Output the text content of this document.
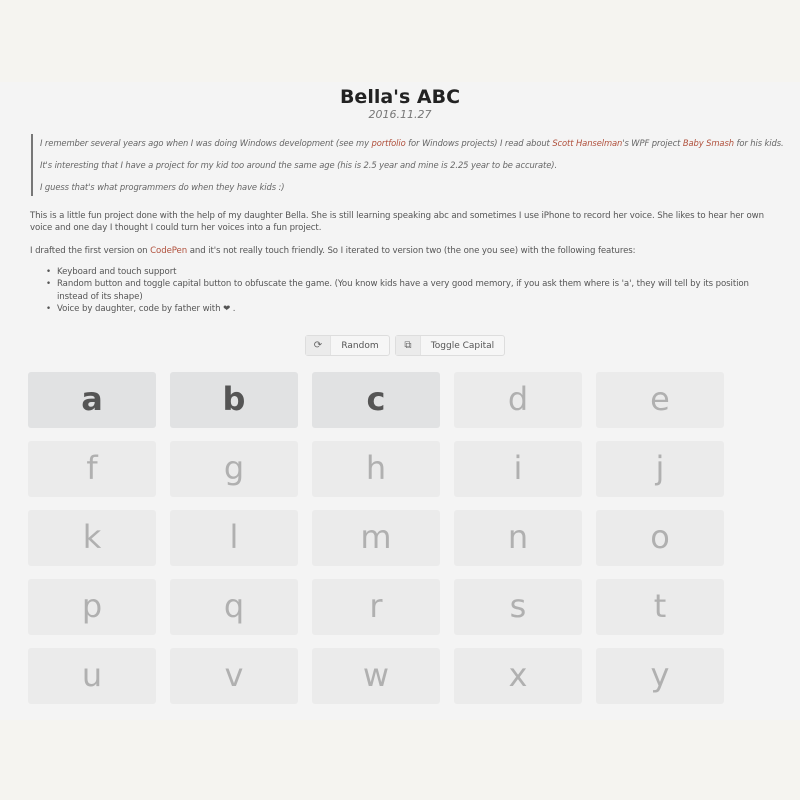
Bella's ABC
2016.11.27

I remember several years ago when I was doing Windows development (see my portfolio for Windows projects) I read about Scott Hanselman's WPF project Baby Smash for his kids.

It's interesting that I have a project for my kid too around the same age (his is 2.5 year and mine is 2.25 year to be accurate).

I guess that's what programmers do when they have kids :)

This is a little fun project done with the help of my daughter Bella. She is still learning speaking abc and sometimes I use iPhone to record her voice. She likes to hear her own voice and one day I thought I could turn her voices into a fun project.

I drafted the first version on CodePen and it's not really touch friendly. So I iterated to version two (the one you see) with the following features:

• Keyboard and touch support
• Random button and toggle capital button to obfuscate the game. (You know kids have a very good memory, if you ask them where is 'a', they will tell by its position instead of its shape)
• Voice by daughter, code by father with ❤ .
⟳	Random	⧉	Toggle Capital
a	b	c	d	e
f	g	h	i	j
k	l	m	n	o
p	q	r	s	t
u	v	w	x	y
